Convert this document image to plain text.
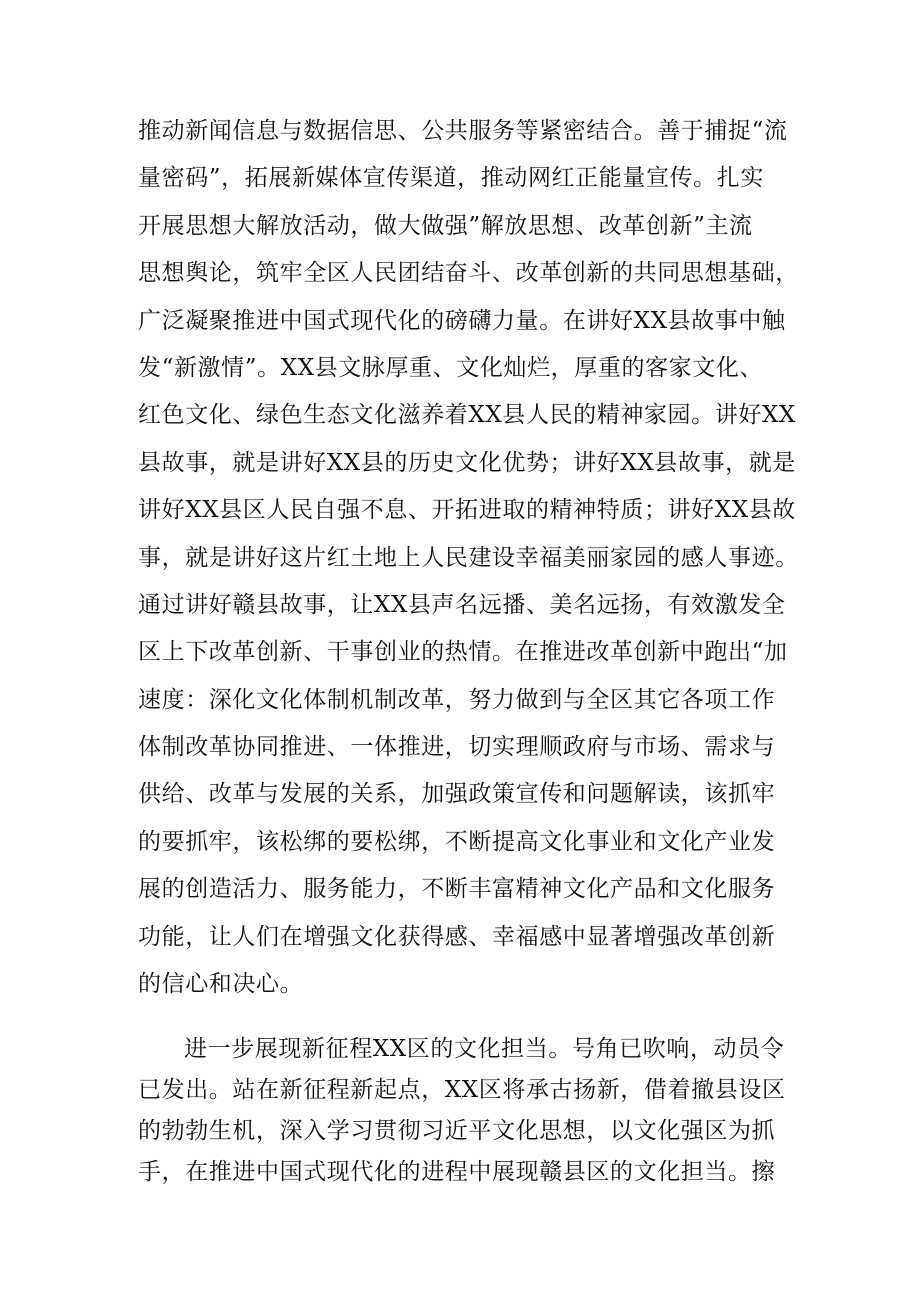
推动新闻信息与数据信思、公共服务等紧密结合。善于捕捉“流
量密码”，拓展新媒体宣传渠道，推动网红正能量宣传。扎实
开展思想大解放活动，做大做强”解放思想、改革创新”主流
思想舆论，筑牢全区人民团结奋斗、改革创新的共同思想基础，
广泛凝聚推进中国式现代化的磅礴力量。在讲好XX县故事中触
发“新激情”。XX县文脉厚重、文化灿烂，厚重的客家文化、
红色文化、绿色生态文化滋养着XX县人民的精神家园。讲好XX
县故事，就是讲好XX县的历史文化优势；讲好XX县故事，就是
讲好XX县区人民自强不息、开拓进取的精神特质；讲好XX县故
事，就是讲好这片红土地上人民建设幸福美丽家园的感人事迹。
通过讲好赣县故事，让XX县声名远播、美名远扬，有效激发全
区上下改革创新、干事创业的热情。在推进改革创新中跑出“加
速度：深化文化体制机制改革，努力做到与全区其它各项工作
体制改革协同推进、一体推进，切实理顺政府与市场、需求与
供给、改革与发展的关系，加强政策宣传和问题解读，该抓牢
的要抓牢，该松绑的要松绑，不断提高文化事业和文化产业发
展的创造活力、服务能力，不断丰富精神文化产品和文化服务
功能，让人们在增强文化获得感、幸福感中显著增强改革创新
的信心和决心。
进一步展现新征程XX区的文化担当。号角已吹响，动员令
已发出。站在新征程新起点，XX区将承古扬新，借着撤县设区
的勃勃生机，深入学习贯彻习近平文化思想，以文化强区为抓
手，在推进中国式现代化的进程中展现赣县区的文化担当。擦
